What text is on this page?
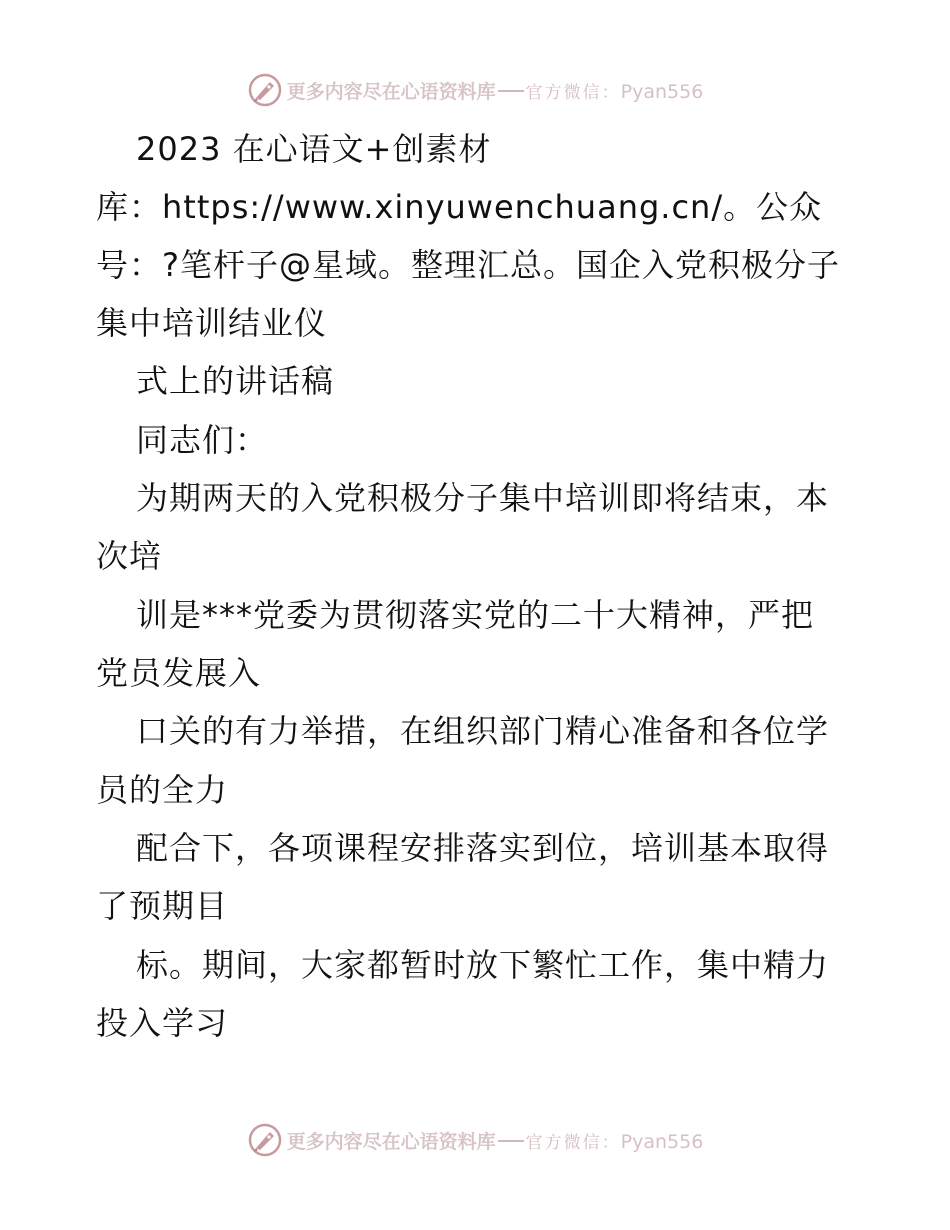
更多内容尽在心语资料库 官方微信： Pyan556
2023 在心语文+创素材
库：https://www.xinyuwenchuang.cn/。公众
号：?笔杆子@星域。整理汇总。国企入党积极分子
集中培训结业仪
式上的讲话稿
同志们：
为期两天的入党积极分子集中培训即将结束，本
次培
训是***党委为贯彻落实党的二十大精神，严把
党员发展入
口关的有力举措，在组织部门精心准备和各位学
员的全力
配合下，各项课程安排落实到位，培训基本取得
了预期目
标。期间，大家都暂时放下繁忙工作，集中精力
投入学习
更多内容尽在心语资料库 官方微信： Pyan556
